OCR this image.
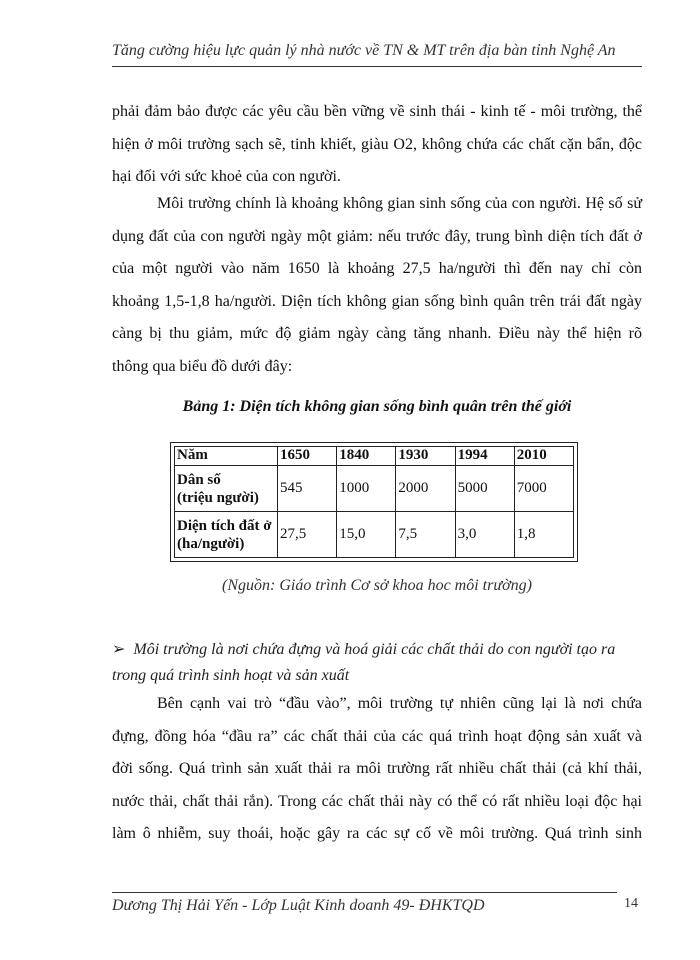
Tăng cường hiệu lực quản lý nhà nước về TN & MT trên địa bàn tỉnh Nghệ An

phải đảm bảo được các yêu cầu bền vững về sinh thái - kinh tế - môi trường, thể
hiện ở môi trường sạch sẽ, tinh khiết, giàu O2, không chứa các chất cặn bẩn, độc
hại đối với sức khoẻ của con người.

Môi trường chính là khoảng không gian sinh sống của con người. Hệ số sử
dụng đất của con người ngày một giảm: nếu trước đây, trung bình diện tích đất ở
của một người vào năm 1650 là khoảng 27,5 ha/người thì đến nay chỉ còn
khoảng 1,5-1,8 ha/người. Diện tích không gian sống bình quân trên trái đất ngày
càng bị thu giảm, mức độ giảm ngày càng tăng nhanh. Điều này thể hiện rõ
thông qua biểu đồ dưới đây:

Bảng 1: Diện tích không gian sống bình quân trên thế giới
Năm	1650	1840	1930	1994	2010
Dân số
(triệu người)	545	1000	2000	5000	7000
Diện tích đất ở
(ha/người)	27,5	15,0	7,5	3,0	1,8
(Nguồn: Giáo trình Cơ sở khoa hoc môi trường)
➢ Môi trường là nơi chứa đựng và hoá giải các chất thải do con người tạo ra
trong quá trình sinh hoạt và sản xuất

Bên cạnh vai trò “đầu vào”, môi trường tự nhiên cũng lại là nơi chứa
đựng, đồng hóa “đầu ra” các chất thải của các quá trình hoạt động sản xuất và
đời sống. Quá trình sản xuất thải ra môi trường rất nhiều chất thải (cả khí thải,
nước thải, chất thải rắn). Trong các chất thải này có thể có rất nhiều loại độc hại
làm ô nhiễm, suy thoái, hoặc gây ra các sự cố về môi trường. Quá trình sinh

Dương Thị Hải Yến - Lớp Luật Kinh doanh 49- ĐHKTQD	14
